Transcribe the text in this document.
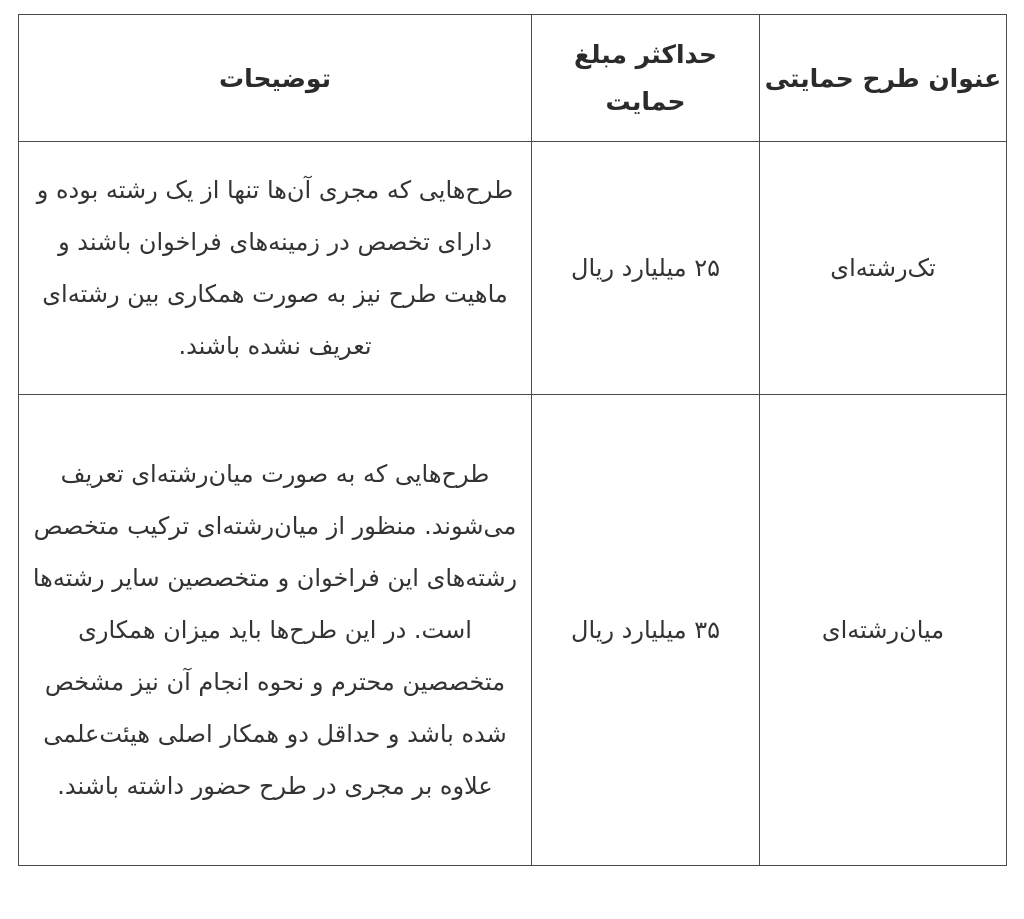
عنوان طرح حمایتی	حداکثر مبلغ حمایت	توضیحات
تک‌رشته‌ای	۲۵ میلیارد ریال	طرح‌هایی که مجری آن‌ها تنها از یک رشته بوده و دارای تخصص در زمینه‌های فراخوان باشند و ماهیت طرح نیز به صورت همکاری بین رشته‌ای تعریف نشده باشند.
میان‌رشته‌ای	۳۵ میلیارد ریال	طرح‌هایی که به صورت میان‌رشته‌ای تعریف می‌شوند. منظور از میان‌رشته‌ای ترکیب متخصص رشته‌های این فراخوان و متخصصین سایر رشته‌ها است. در این طرح‌ها باید میزان همکاری متخصصین محترم و نحوه انجام آن نیز مشخص شده باشد و حداقل دو همکار اصلی هیئت‌علمی علاوه بر مجری در طرح حضور داشته باشند.
